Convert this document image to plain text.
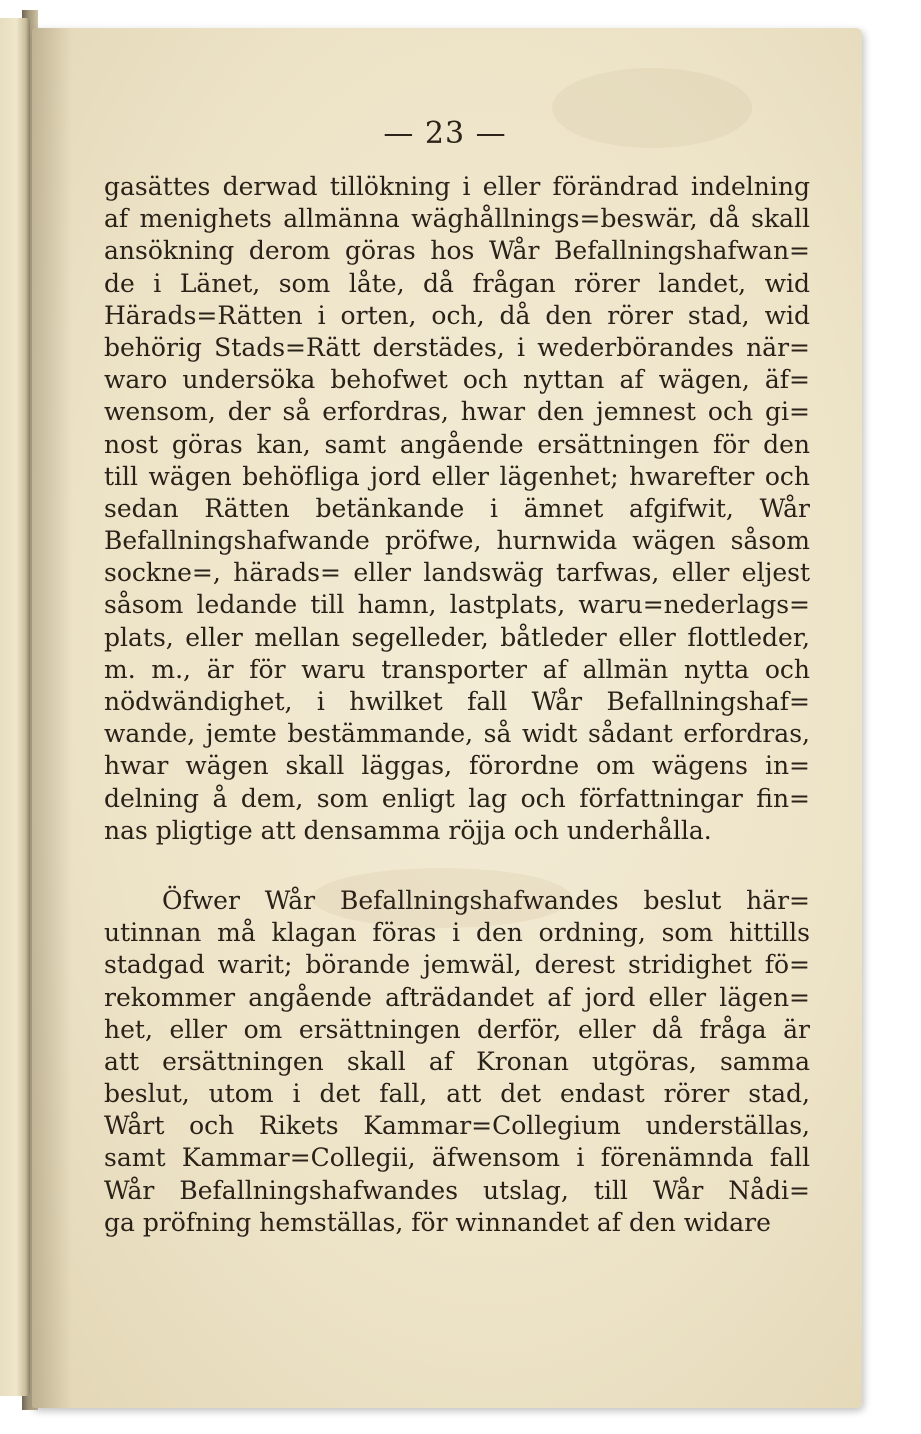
— 23 —
gasättes derwad tillökning i eller förändrad indelning
af menighets allmänna wäghållnings=beswär, då skall
ansökning derom göras hos Wår Befallningshafwan=
de i Länet, som låte, då frågan rörer landet, wid
Härads=Rätten i orten, och, då den rörer stad, wid
behörig Stads=Rätt derstädes, i wederbörandes när=
waro undersöka behofwet och nyttan af wägen, äf=
wensom, der så erfordras, hwar den jemnest och gi=
nost göras kan, samt angående ersättningen för den
till wägen behöfliga jord eller lägenhet; hwarefter och
sedan Rätten betänkande i ämnet afgifwit, Wår
Befallningshafwande pröfwe, hurnwida wägen såsom
sockne=, härads= eller landswäg tarfwas, eller eljest
såsom ledande till hamn, lastplats, waru=nederlags=
plats, eller mellan segelleder, båtleder eller flottleder,
m. m., är för waru transporter af allmän nytta och
nödwändighet, i hwilket fall Wår Befallningshaf=
wande, jemte bestämmande, så widt sådant erfordras,
hwar wägen skall läggas, förordne om wägens in=
delning å dem, som enligt lag och författningar fin=
nas pligtige att densamma röjja och underhålla.
Öfwer Wår Befallningshafwandes beslut här=
utinnan må klagan föras i den ordning, som hittills
stadgad warit; börande jemwäl, derest stridighet fö=
rekommer angående afträdandet af jord eller lägen=
het, eller om ersättningen derför, eller då fråga är
att ersättningen skall af Kronan utgöras, samma
beslut, utom i det fall, att det endast rörer stad,
Wårt och Rikets Kammar=Collegium underställas,
samt Kammar=Collegii, äfwensom i förenämnda fall
Wår Befallningshafwandes utslag, till Wår Nådi=
ga pröfning hemställas, för winnandet af den widare
